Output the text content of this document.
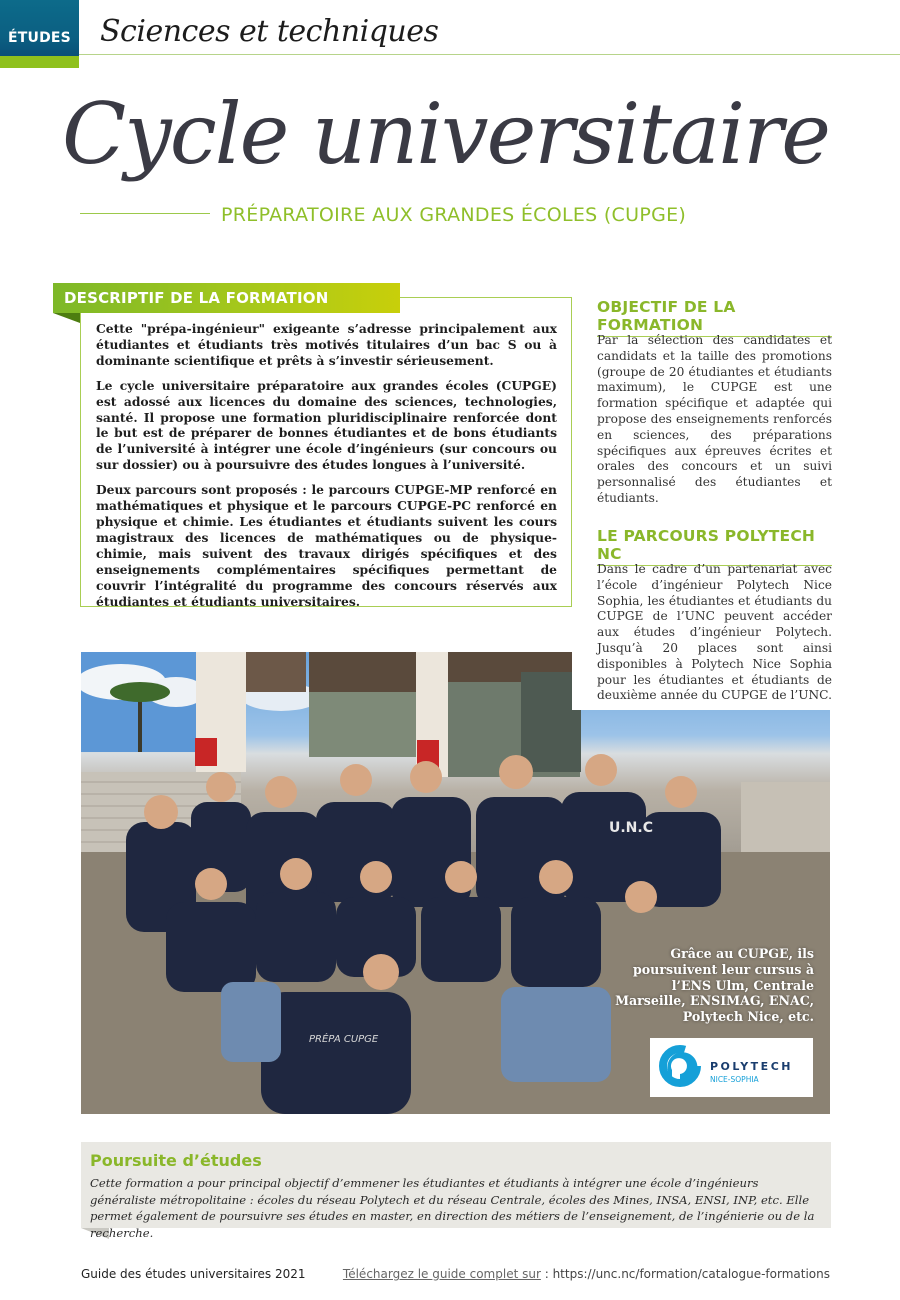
ÉTUDES Sciences et techniques
Cycle universitaire
PRÉPARATOIRE AUX GRANDES ÉCOLES (CUPGE)
DESCRIPTIF DE LA FORMATION

Cette "prépa-ingénieur" exigeante s’adresse principalement aux étudiantes et étudiants très motivés titulaires d’un bac S ou à dominante scientifique et prêts à s’investir sérieusement.

Le cycle universitaire préparatoire aux grandes écoles (CUPGE) est adossé aux licences du domaine des sciences, technologies, santé. Il propose une formation pluridisciplinaire renforcée dont le but est de préparer de bonnes étudiantes et de bons étudiants de l’université à intégrer une école d’ingénieurs (sur concours ou sur dossier) ou à poursuivre des études longues à l’université.

Deux parcours sont proposés : le parcours CUPGE-MP renforcé en mathématiques et physique et le parcours CUPGE-PC renforcé en physique et chimie. Les étudiantes et étudiants suivent les cours magistraux des licences de mathématiques ou de physique-chimie, mais suivent des travaux dirigés spécifiques et des enseignements complémentaires spécifiques permettant de couvrir l’intégralité du programme des concours réservés aux étudiantes et étudiants universitaires.

U.N.C
PRÉPA CUPGE
Grâce au CUPGE, ils poursuivent leur cursus à l’ENS Ulm, Centrale Marseille, ENSIMAG, ENAC, Polytech Nice, etc.
POLYTECH
NICE-SOPHIA
OBJECTIF DE LA FORMATION
Par la sélection des candidates et candidats et la taille des promotions (groupe de 20 étudiantes et étudiants maximum), le CUPGE est une formation spécifique et adaptée qui propose des enseignements renforcés en sciences, des préparations spécifiques aux épreuves écrites et orales des concours et un suivi personnalisé des étudiantes et étudiants.
LE PARCOURS POLYTECH NC
Dans le cadre d’un partenariat avec l’école d’ingénieur Polytech Nice Sophia, les étudiantes et étudiants du CUPGE de l’UNC peuvent accéder aux études d’ingénieur Polytech. Jusqu’à 20 places sont ainsi disponibles à Polytech Nice Sophia pour les étudiantes et étudiants de deuxième année du CUPGE de l’UNC.
Poursuite d’études
Cette formation a pour principal objectif d’emmener les étudiantes et étudiants à intégrer une école d’ingénieurs généraliste métropolitaine : écoles du réseau Polytech et du réseau Centrale, écoles des Mines, INSA, ENSI, INP, etc. Elle permet également de poursuivre ses études en master, en direction des métiers de l’enseignement, de l’ingénierie ou de la recherche.
Guide des études universitaires 2021	Téléchargez le guide complet sur : https://unc.nc/formation/catalogue-formations
